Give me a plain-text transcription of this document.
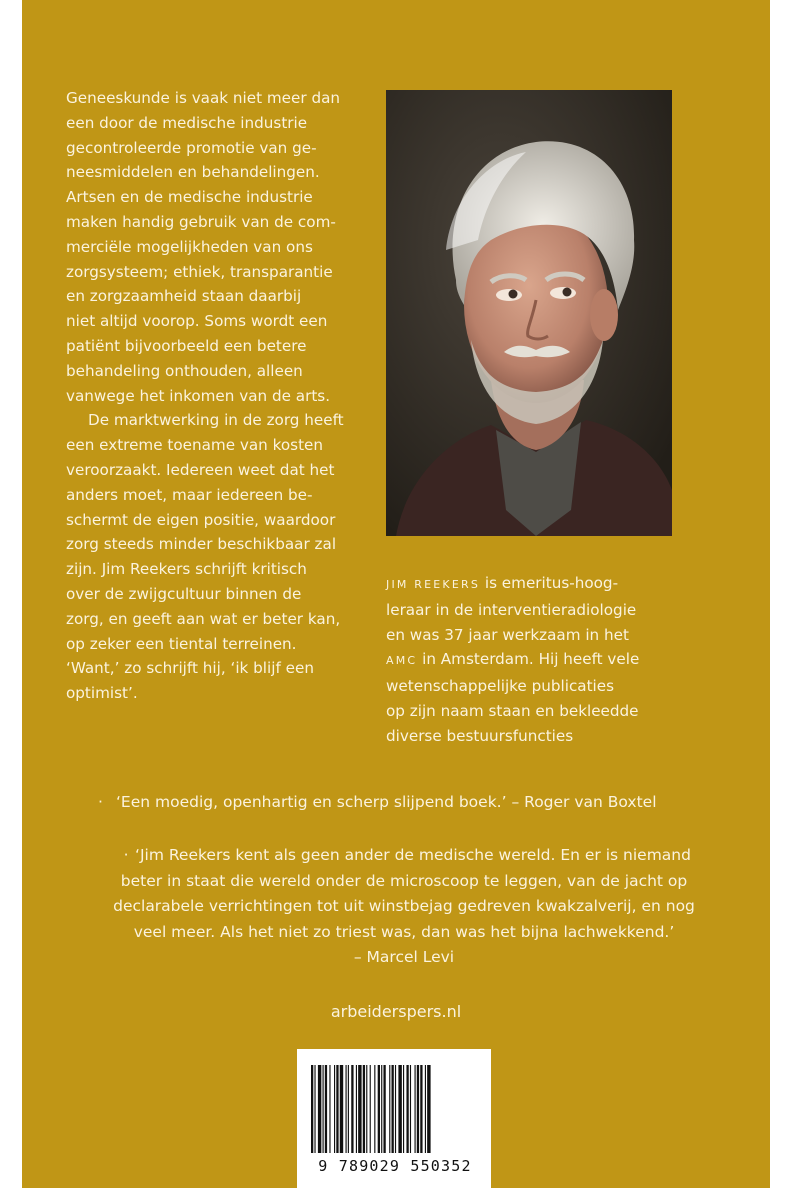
Geneeskunde is vaak niet meer dan
een door de medische industrie
gecontroleerde promotie van ge-
neesmiddelen en behandelingen.
Artsen en de medische industrie
maken handig gebruik van de com-
merciële mogelijkheden van ons
zorgsysteem; ethiek, transparantie
en zorgzaamheid staan daarbij
niet altijd voorop. Soms wordt een
patiënt bijvoorbeeld een betere
behandeling onthouden, alleen
vanwege het inkomen van de arts.

De marktwerking in de zorg heeft
een extreme toename van kosten
veroorzaakt. Iedereen weet dat het
anders moet, maar iedereen be-
schermt de eigen positie, waardoor
zorg steeds minder beschikbaar zal
zijn. Jim Reekers schrijft kritisch
over de zwijgcultuur binnen de
zorg, en geeft aan wat er beter kan,
op zeker een tiental terreinen.
‘Want,’ zo schrijft hij, ‘ik blijf een
optimist’.

JIM REEKERS is emeritus-hoog-
leraar in de interventieradiologie
en was 37 jaar werkzaam in het
AMC in Amsterdam. Hij heeft vele
wetenschappelijke publicaties
op zijn naam staan en bekleedde
diverse bestuursfuncties

· ‘Een moedig, openhartig en scherp slijpend boek.’ – Roger van Boxtel

· ‘Jim Reekers kent als geen ander de medische wereld. En er is niemand
beter in staat die wereld onder de microscoop te leggen, van de jacht op
declarabele verrichtingen tot uit winstbejag gedreven kwakzalverij, en nog
veel meer. Als het niet zo triest was, dan was het bijna lachwekkend.’
– Marcel Levi

arbeiderspers.nl

9 789029 550352
